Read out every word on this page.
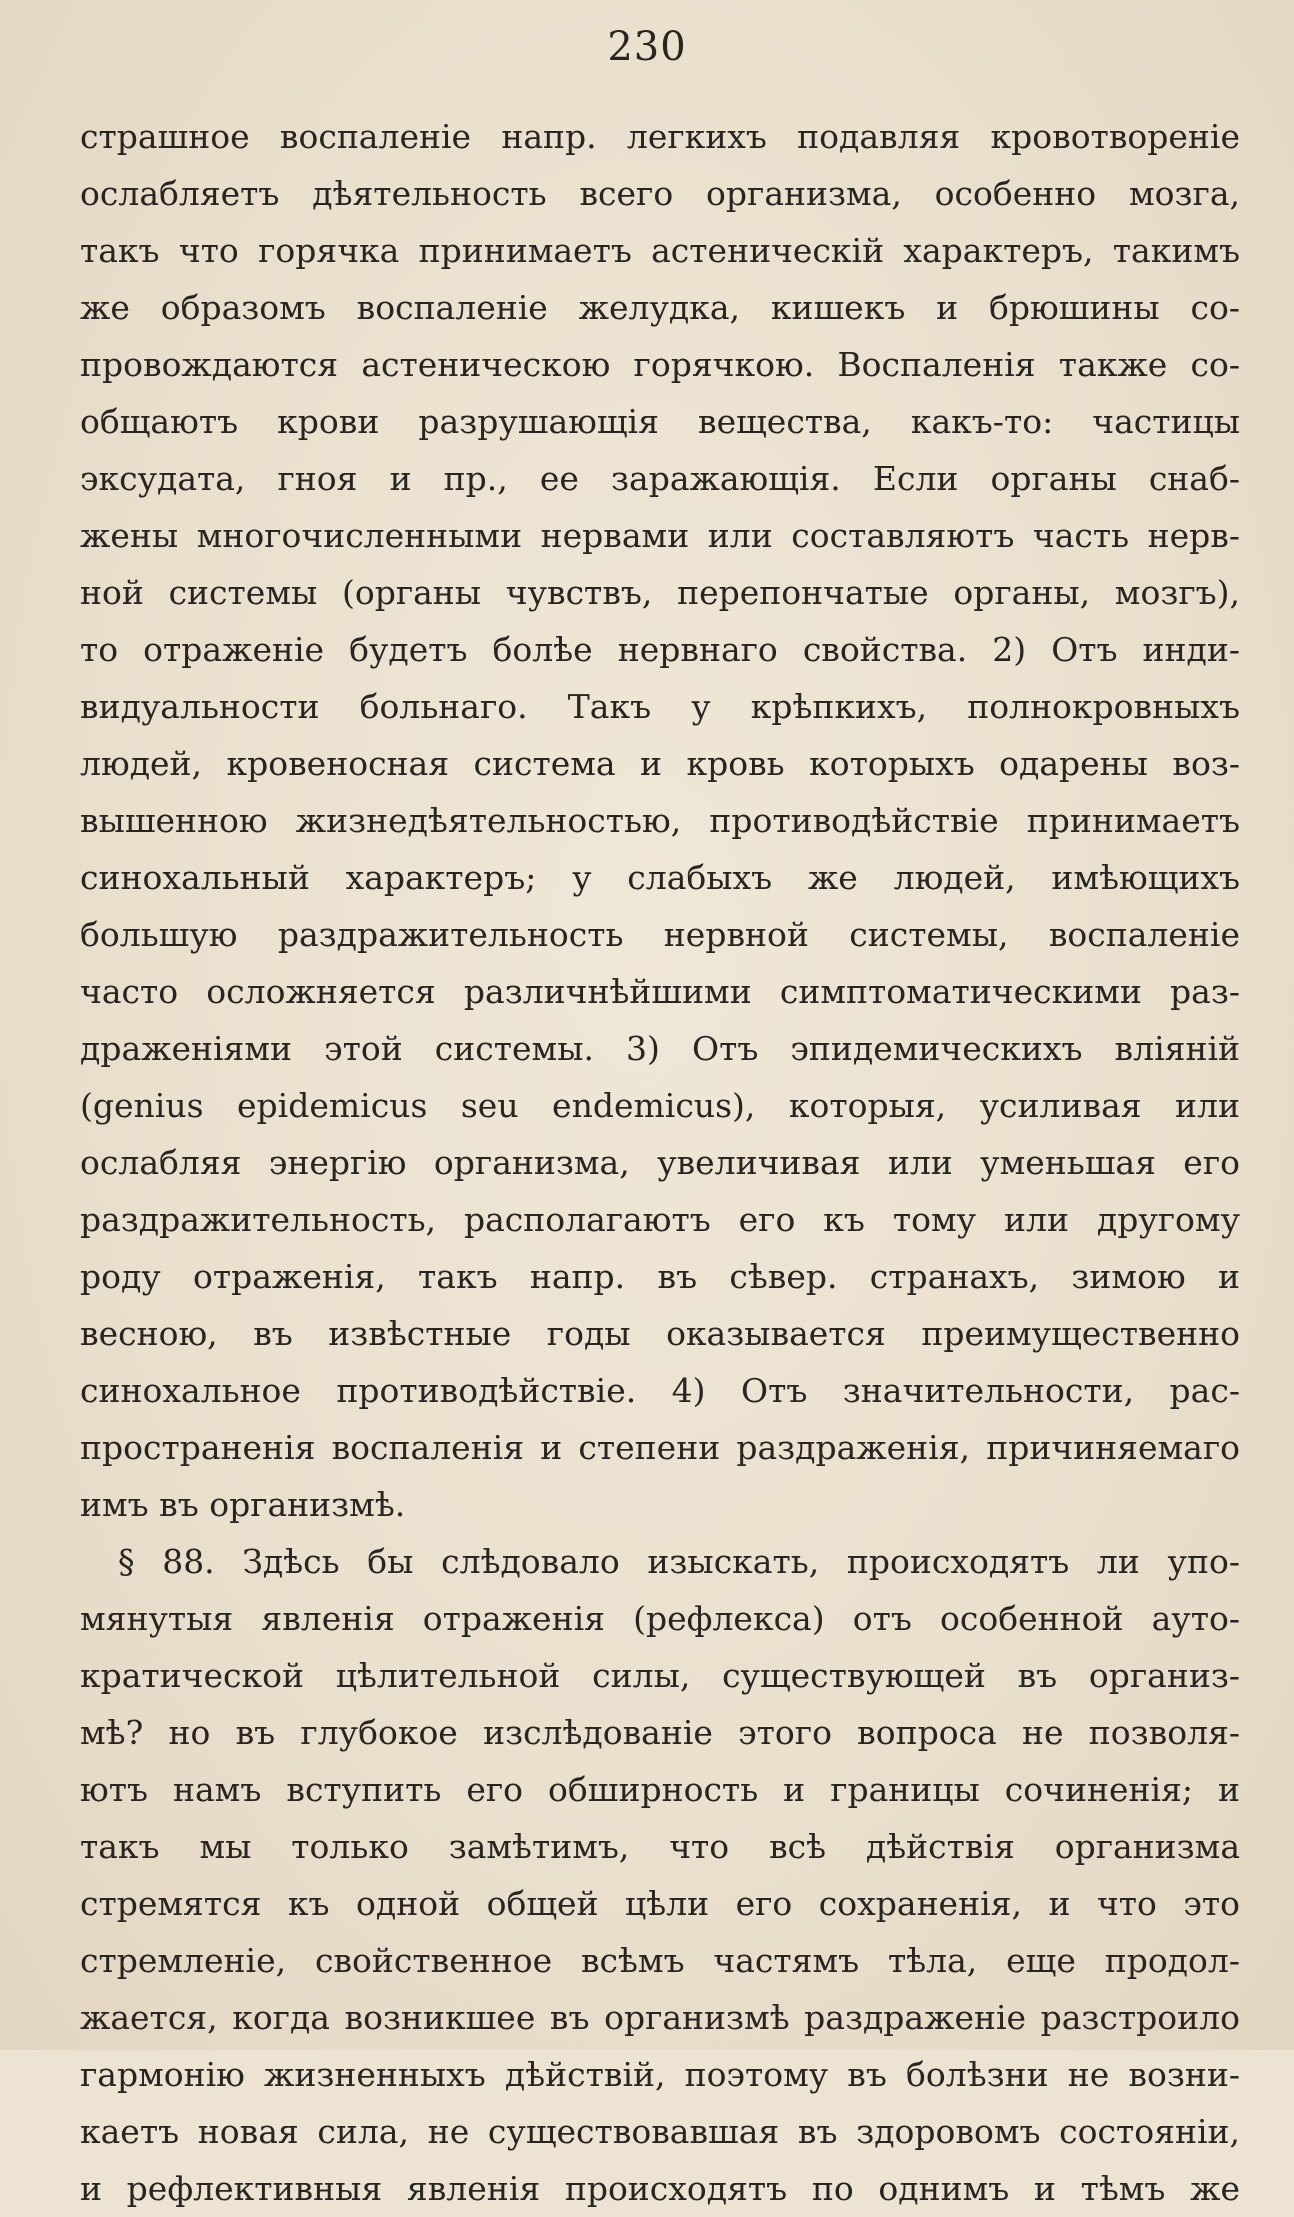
230
страшное воспаленіе напр. легкихъ подавляя кровотвореніе
ослабляетъ дѣятельность всего организма, особенно мозга,
такъ что горячка принимаетъ астеническій характеръ, такимъ
же образомъ воспаленіе желудка, кишекъ и брюшины со-
провождаются астеническою горячкою. Воспаленія также со-
общаютъ крови разрушающія вещества, какъ-то: частицы
эксудата, гноя и пр., ее заражающія. Если органы снаб-
жены многочисленными нервами или составляютъ часть нерв-
ной системы (органы чувствъ, перепончатые органы, мозгъ),
то отраженіе будетъ болѣе нервнаго свойства. 2) Отъ инди-
видуальности больнаго. Такъ у крѣпкихъ, полнокровныхъ
людей, кровеносная система и кровь которыхъ одарены воз-
вышенною жизнедѣятельностью, противодѣйствіе принимаетъ
синохальный характеръ; у слабыхъ же людей, имѣющихъ
большую раздражительность нервной системы, воспаленіе
часто осложняется различнѣйшими симптоматическими раз-
драженіями этой системы. 3) Отъ эпидемическихъ вліяній
(genius epidemicus seu endemicus), которыя, усиливая или
ослабляя энергію организма, увеличивая или уменьшая его
раздражительность, располагаютъ его къ тому или другому
роду отраженія, такъ напр. въ сѣвер. странахъ, зимою и
весною, въ извѣстные годы оказывается преимущественно
синохальное противодѣйствіе. 4) Отъ значительности, рас-
пространенія воспаленія и степени раздраженія, причиняемаго
имъ въ организмѣ.
§ 88. Здѣсь бы слѣдовало изыскать, происходятъ ли упо-
мянутыя явленія отраженія (рефлекса) отъ особенной ауто-
кратической цѣлительной силы, существующей въ организ-
мѣ? но въ глубокое изслѣдованіе этого вопроса не позволя-
ютъ намъ вступить его обширность и границы сочиненія; и
такъ мы только замѣтимъ, что всѣ дѣйствія организма
стремятся къ одной общей цѣли его сохраненія, и что это
стремленіе, свойственное всѣмъ частямъ тѣла, еще продол-
жается, когда возникшее въ организмѣ раздраженіе разстроило
гармонію жизненныхъ дѣйствій, поэтому въ болѣзни не возни-
каетъ новая сила, не существовавшая въ здоровомъ состояніи,
и рефлективныя явленія происходятъ по однимъ и тѣмъ же
